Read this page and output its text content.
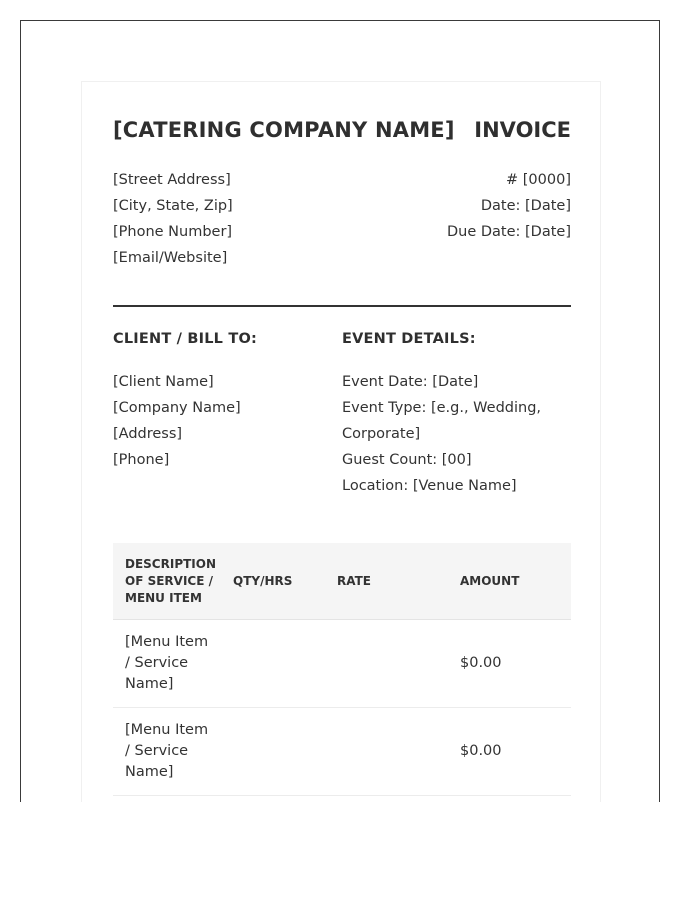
[CATERING COMPANY NAME] INVOICE
[Street Address]
[City, State, Zip]
[Phone Number]
[Email/Website]
# [0000]
Date: [Date]
Due Date: [Date]
CLIENT / BILL TO:	EVENT DETAILS:
[Client Name]
[Company Name]
[Address]
[Phone]
Event Date: [Date]
Event Type: [e.g., Wedding, Corporate]
Guest Count: [00]
Location: [Venue Name]
DESCRIPTION OF SERVICE / MENU ITEM	QTY/HRS	RATE	AMOUNT
[Menu Item / Service Name]			$0.00
[Menu Item / Service Name]			$0.00
